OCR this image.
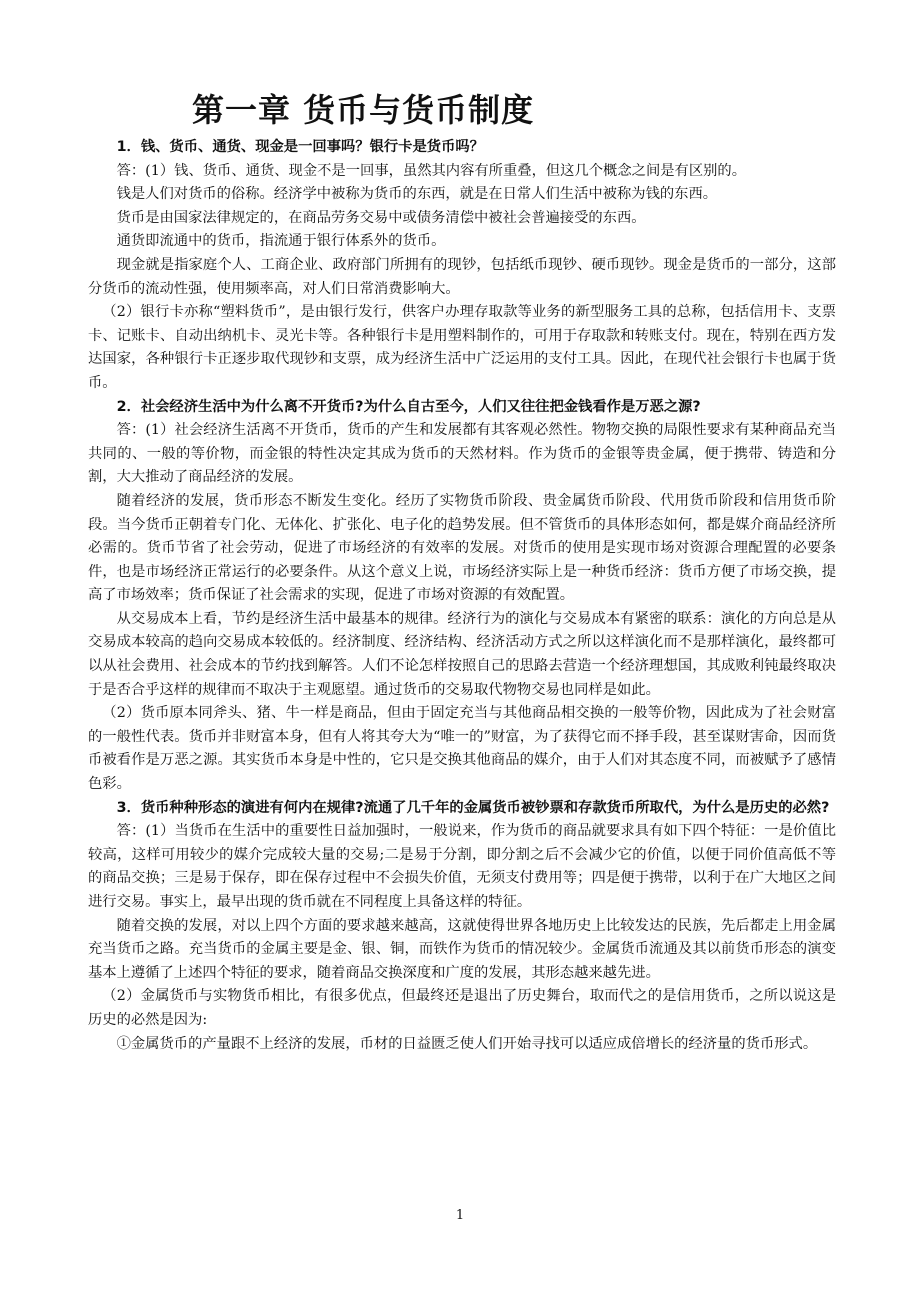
第一章 货币与货币制度

1．钱、货币、通货、现金是一回事吗？银行卡是货币吗？

答：(1）钱、货币、通货、现金不是一回事，虽然其内容有所重叠，但这几个概念之间是有区别的。

钱是人们对货币的俗称。经济学中被称为货币的东西，就是在日常人们生活中被称为钱的东西。

货币是由国家法律规定的，在商品劳务交易中或债务清偿中被社会普遍接受的东西。

通货即流通中的货币，指流通于银行体系外的货币。

现金就是指家庭个人、工商企业、政府部门所拥有的现钞，包括纸币现钞、硬币现钞。现金是货币的一部分，这部分货币的流动性强，使用频率高，对人们日常消费影响大。

（2）银行卡亦称“塑料货币”，是由银行发行，供客户办理存取款等业务的新型服务工具的总称，包括信用卡、支票卡、记账卡、自动出纳机卡、灵光卡等。各种银行卡是用塑料制作的，可用于存取款和转账支付。现在，特别在西方发达国家，各种银行卡正逐步取代现钞和支票，成为经济生活中广泛运用的支付工具。因此，在现代社会银行卡也属于货币。

2．社会经济生活中为什么离不开货币?为什么自古至今，人们又往往把金钱看作是万恶之源?

答：(1）社会经济生活离不开货币，货币的产生和发展都有其客观必然性。物物交换的局限性要求有某种商品充当共同的、一般的等价物，而金银的特性决定其成为货币的天然材料。作为货币的金银等贵金属，便于携带、铸造和分割，大大推动了商品经济的发展。

随着经济的发展，货币形态不断发生变化。经历了实物货币阶段、贵金属货币阶段、代用货币阶段和信用货币阶段。当今货币正朝着专门化、无体化、扩张化、电子化的趋势发展。但不管货币的具体形态如何，都是媒介商品经济所必需的。货币节省了社会劳动，促进了市场经济的有效率的发展。对货币的使用是实现市场对资源合理配置的必要条件，也是市场经济正常运行的必要条件。从这个意义上说，市场经济实际上是一种货币经济：货币方便了市场交换，提高了市场效率；货币保证了社会需求的实现，促进了市场对资源的有效配置。

从交易成本上看，节约是经济生活中最基本的规律。经济行为的演化与交易成本有紧密的联系：演化的方向总是从交易成本较高的趋向交易成本较低的。经济制度、经济结构、经济活动方式之所以这样演化而不是那样演化，最终都可以从社会费用、社会成本的节约找到解答。人们不论怎样按照自己的思路去营造一个经济理想国，其成败利钝最终取决于是否合乎这样的规律而不取决于主观愿望。通过货币的交易取代物物交易也同样是如此。

（2）货币原本同斧头、猪、牛一样是商品，但由于固定充当与其他商品相交换的一般等价物，因此成为了社会财富的一般性代表。货币并非财富本身，但有人将其夸大为“唯一的”财富，为了获得它而不择手段，甚至谋财害命，因而货币被看作是万恶之源。其实货币本身是中性的，它只是交换其他商品的媒介，由于人们对其态度不同，而被赋予了感情色彩。

3．货币种种形态的演进有何内在规律?流通了几千年的金属货币被钞票和存款货币所取代，为什么是历史的必然?

答：(1）当货币在生活中的重要性日益加强时，一般说来，作为货币的商品就要求具有如下四个特征：一是价值比较高，这样可用较少的媒介完成较大量的交易;二是易于分割，即分割之后不会减少它的价值，以便于同价值高低不等的商品交换；三是易于保存，即在保存过程中不会损失价值，无须支付费用等；四是便于携带，以利于在广大地区之间进行交易。事实上，最早出现的货币就在不同程度上具备这样的特征。

随着交换的发展，对以上四个方面的要求越来越高，这就使得世界各地历史上比较发达的民族，先后都走上用金属充当货币之路。充当货币的金属主要是金、银、铜，而铁作为货币的情况较少。金属货币流通及其以前货币形态的演变基本上遵循了上述四个特征的要求，随着商品交换深度和广度的发展，其形态越来越先进。

（2）金属货币与实物货币相比，有很多优点，但最终还是退出了历史舞台，取而代之的是信用货币，之所以说这是历史的必然是因为:

①金属货币的产量跟不上经济的发展，币材的日益匮乏使人们开始寻找可以适应成倍增长的经济量的货币形式。

1
